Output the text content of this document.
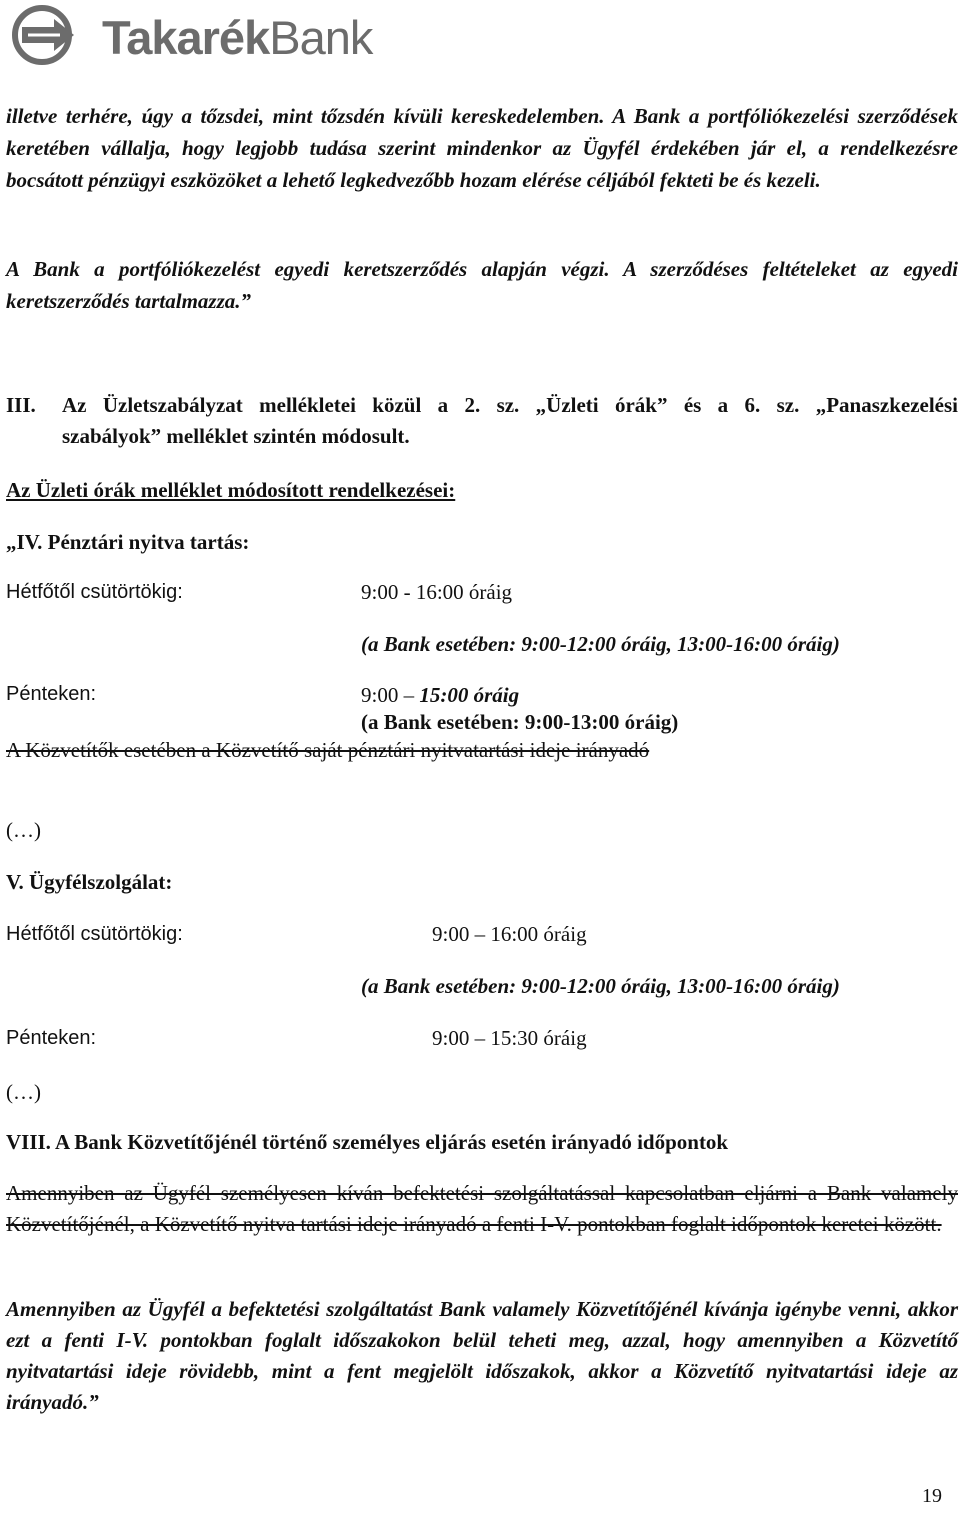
TakarékBank
illetve terhére, úgy a tőzsdei, mint tőzsdén kívüli kereskedelemben. A Bank a portfóliókezelési szerződések keretében vállalja, hogy legjobb tudása szerint mindenkor az Ügyfél érdekében jár el, a rendelkezésre bocsátott pénzügyi eszközöket a lehető legkedvezőbb hozam elérése céljából fekteti be és kezeli.
A Bank a portfóliókezelést egyedi keretszerződés alapján végzi. A szerződéses feltételeket az egyedi keretszerződés tartalmazza.”
III. Az Üzletszabályzat mellékletei közül a 2. sz. „Üzleti órák” és a 6. sz. „Panaszkezelési
szabályok” melléklet szintén módosult.
Az Üzleti órák melléklet módosított rendelkezései:
„IV. Pénztári nyitva tartás:
Hétfőtől csütörtökig:	9:00 - 16:00 óráig
(a Bank esetében: 9:00-12:00 óráig, 13:00-16:00 óráig)
Pénteken:	9:00 – 15:00 óráig
(a Bank esetében: 9:00-13:00 óráig)
A Közvetítők esetében a Közvetítő saját pénztári nyitvatartási ideje irányadó
(…)
V. Ügyfélszolgálat:
Hétfőtől csütörtökig:	9:00 – 16:00 óráig
(a Bank esetében: 9:00-12:00 óráig, 13:00-16:00 óráig)
Pénteken:	9:00 – 15:30 óráig
(…)
VIII. A Bank Közvetítőjénél történő személyes eljárás esetén irányadó időpontok
Amennyiben az Ügyfél személyesen kíván befektetési szolgáltatással kapcsolatban eljárni a Bank valamely Közvetítőjénél, a Közvetítő nyitva tartási ideje irányadó a fenti I-V. pontokban foglalt időpontok keretei között.
Amennyiben az Ügyfél a befektetési szolgáltatást Bank valamely Közvetítőjénél kívánja igénybe venni, akkor ezt a fenti I-V. pontokban foglalt időszakokon belül teheti meg, azzal, hogy amennyiben a Közvetítő nyitvatartási ideje rövidebb, mint a fent megjelölt időszakok, akkor a Közvetítő nyitvatartási ideje az irányadó.”
19
